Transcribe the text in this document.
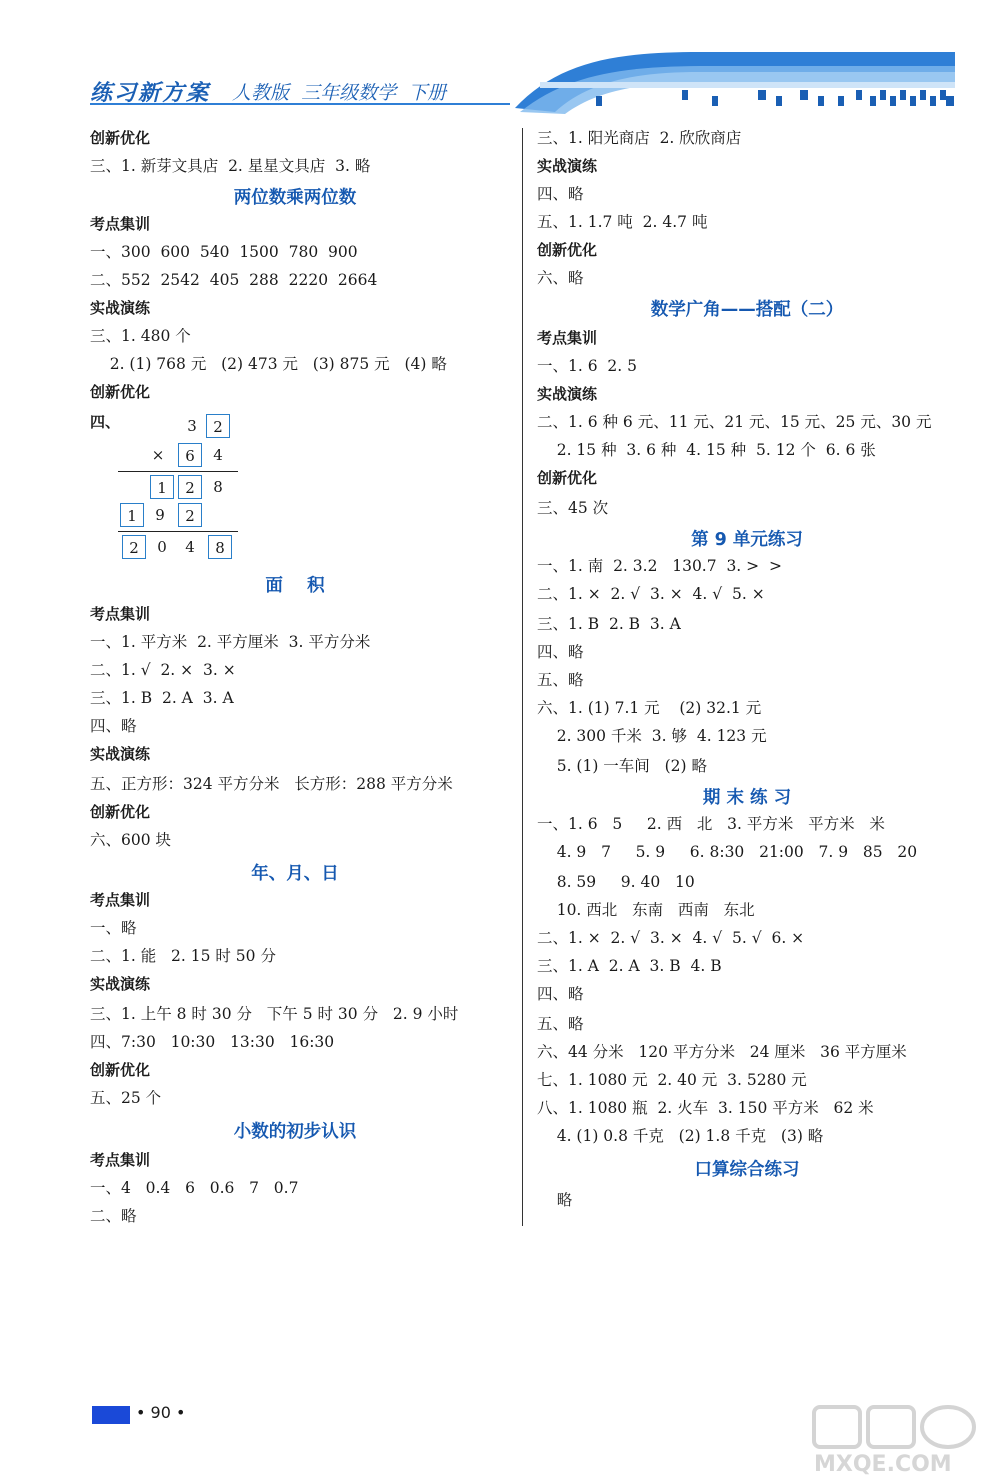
练习新方案 人教版  三年级数学  下册
创新优化
三、1. 新芽文具店  2. 星星文具店  3. 略
两位数乘两位数
考点集训
一、300  600  540  1500  780  900
二、552  2542  405  288  2220  2664
实战演练
三、1. 480 个
2. (1) 768 元   (2) 473 元   (3) 875 元   (4) 略
创新优化
四、
面    积
考点集训
一、1. 平方米  2. 平方厘米  3. 平方分米
二、1. √  2. ×  3. ×
三、1. B  2. A  3. A
四、略
实战演练
五、正方形：324 平方分米   长方形：288 平方分米
创新优化
六、600 块
年、月、日
考点集训
一、略
二、1. 能   2. 15 时 50 分
实战演练
三、1. 上午 8 时 30 分   下午 5 时 30 分   2. 9 小时
四、7:30   10:30   13:30   16:30
创新优化
五、25 个
小数的初步认识
考点集训
一、4   0.4   6   0.6   7   0.7
二、略
3	2
×	6	4
1	2	8
1	9	2
2	0	4	8
三、1. 阳光商店  2. 欣欣商店
实战演练
四、略
五、1. 1.7 吨  2. 4.7 吨
创新优化
六、略
数学广角——搭配（二）
考点集训
一、1. 6  2. 5
实战演练
二、1. 6 种 6 元、11 元、21 元、15 元、25 元、30 元
2. 15 种  3. 6 种  4. 15 种  5. 12 个  6. 6 张
创新优化
三、45 次
第 9 单元练习
一、1. 南  2. 3.2   130.7  3. >  >
二、1. ×  2. √  3. ×  4. √  5. ×
三、1. B  2. B  3. A
四、略
五、略
六、1. (1) 7.1 元    (2) 32.1 元
2. 300 千米  3. 够  4. 123 元
5. (1) 一车间   (2) 略
期 末 练 习
一、1. 6   5     2. 西   北   3. 平方米   平方米   米
4. 9   7     5. 9     6. 8:30   21:00   7. 9   85   20
8. 59     9. 40   10
10. 西北   东南   西南   东北
二、1. ×  2. √  3. ×  4. √  5. √  6. ×
三、1. A  2. A  3. B  4. B
四、略
五、略
六、44 分米   120 平方分米   24 厘米   36 平方厘米
七、1. 1080 元  2. 40 元  3. 5280 元
八、1. 1080 瓶  2. 火车  3. 150 平方米   62 米
4. (1) 0.8 千克   (2) 1.8 千克   (3) 略
口算综合练习
略
• 90 •
MXQE.COM
